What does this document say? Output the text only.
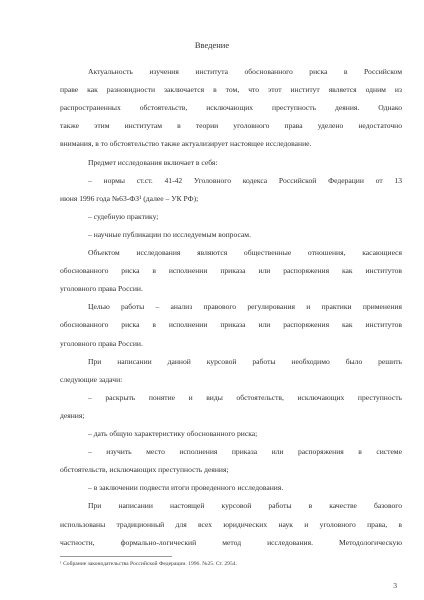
Введение
Актуальность изучения института обоснованного риска в Российском
праве как разновидности заключается в том, что этот институт является одним из
распространенных обстоятельств, исключающих преступность деяния. Однако
также этим институтам в теории уголовного права уделено недостаточно
внимания, в то обстоятельство также актуализирует настоящее исследование.
Предмет исследования включает в себя:
– нормы ст.ст. 41-42 Уголовного кодекса Российской Федерации от 13
июня 1996 года №63-ФЗ¹ (далее – УК РФ);
– судебную практику;
– научные публикации по исследуемым вопросам.
Объектом исследования являются общественные отношения, касающиеся
обоснованного риска в исполнении приказа или распоряжения как институтов
уголовного права России.
Целью работы – анализ правового регулирования и практики применения
обоснованного риска в исполнении приказа или распоряжения как институтов
уголовного права России.
При написании данной курсовой работы необходимо было решить
следующие задачи:
– раскрыть понятие и виды обстоятельств, исключающих преступность
деяния;
– дать общую характеристику обоснованного риска;
– изучить место исполнения приказа или распоряжения в системе
обстоятельств, исключающих преступность деяния;
– в заключении подвести итоги проведенного исследования.
При написании настоящей курсовой работы в качестве базового
использованы традиционный для всех юридических наук и уголовного права, в
частности, формально-логический метод исследования. Методологическую
¹ Собрание законодательства Российской Федерации. 1996. №25. Ст. 2954.
3
